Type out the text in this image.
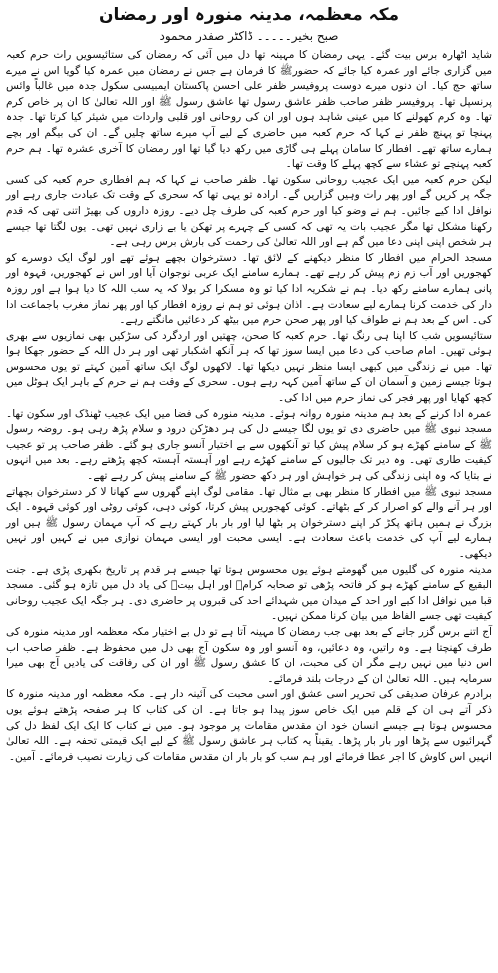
مکہ معظمہ، مدینہ منورہ اور رمضان
صبح بخیر۔۔۔۔۔ ڈاکٹر صفدر محمود

شاید اٹھارہ برس بیت گئے۔ یہی رمضان کا مہینہ تھا دل میں آئی کہ رمضان کی ستائیسویں رات حرم کعبہ میں گزاری جائے اور عمرہ کیا جائے کہ حضورﷺ کا فرمان ہے جس نے رمضان میں عمرہ کیا گویا اس نے میرے ساتھ حج کیا۔ ان دنوں میرے دوست پروفیسر ظفر علی احسن پاکستان ایمبیسی سکول جدہ میں غالباً وائس پرنسپل تھا۔ پروفیسر ظفر صاحب ظفر عاشق رسول تھا عاشق رسول ﷺ اور اللہ تعالیٰ کا ان پر خاص کرم تھا۔ وہ کرم کھولنے کا میں عینی شاہد ہوں اور ان کی روحانی اور قلبی واردات میں شیئر کیا کرتا تھا۔ جدہ پہنچا تو پہنچ ظفر نے کہا کہ حرم کعبہ میں حاضری کے لیے آپ میرے ساتھ چلیں گے۔ ان کی بیگم اور بچے ہمارے ساتھ تھے۔ افطار کا سامان پہلے ہی گاڑی میں رکھ دیا گیا تھا اور رمضان کا آخری عشرہ تھا۔ ہم حرم کعبہ پہنچے تو عشاء سے کچھ پہلے کا وقت تھا۔

لیکن حرم کعبہ میں ایک عجیب روحانی سکون تھا۔ ظفر صاحب نے کہا کہ ہم افطاری حرم کعبہ کی کسی جگہ پر کریں گے اور پھر رات وہیں گزاریں گے۔ ارادہ تو یہی تھا کہ سحری کے وقت تک عبادت جاری رہے اور نوافل ادا کیے جائیں۔ ہم نے وضو کیا اور حرم کعبہ کی طرف چل دیے۔ روزہ داروں کی بھیڑ اتنی تھی کہ قدم رکھنا مشکل تھا مگر عجیب بات یہ تھی کہ کسی کے چہرے پر تھکن یا بے زاری نہیں تھی۔ یوں لگتا تھا جیسے ہر شخص اپنی اپنی دعا میں گم ہے اور اللہ تعالیٰ کی رحمت کی بارش برس رہی ہے۔

مسجد الحرام میں افطار کا منظر دیکھنے کے لائق تھا۔ دسترخوان بچھے ہوئے تھے اور لوگ ایک دوسرے کو کھجوریں اور آب زم زم پیش کر رہے تھے۔ ہمارے سامنے ایک عربی نوجوان آیا اور اس نے کھجوریں، قہوہ اور پانی ہمارے سامنے رکھ دیا۔ ہم نے شکریہ ادا کیا تو وہ مسکرا کر بولا کہ یہ سب اللہ کا دیا ہوا ہے اور روزہ دار کی خدمت کرنا ہمارے لیے سعادت ہے۔ اذان ہوئی تو ہم نے روزہ افطار کیا اور پھر نماز مغرب باجماعت ادا کی۔ اس کے بعد ہم نے طواف کیا اور پھر صحن حرم میں بیٹھ کر دعائیں مانگتے رہے۔

ستائیسویں شب کا اپنا ہی رنگ تھا۔ حرم کعبہ کا صحن، چھتیں اور اردگرد کی سڑکیں بھی نمازیوں سے بھری ہوئی تھیں۔ امام صاحب کی دعا میں ایسا سوز تھا کہ ہر آنکھ اشکبار تھی اور ہر دل اللہ کے حضور جھکا ہوا تھا۔ میں نے زندگی میں کبھی ایسا منظر نہیں دیکھا تھا۔ لاکھوں لوگ ایک ساتھ آمین کہتے تو یوں محسوس ہوتا جیسے زمین و آسمان ان کے ساتھ آمین کہہ رہے ہوں۔ سحری کے وقت ہم نے حرم کے باہر ایک ہوٹل میں کچھ کھایا اور پھر فجر کی نماز حرم میں ادا کی۔

عمرہ ادا کرنے کے بعد ہم مدینہ منورہ روانہ ہوئے۔ مدینہ منورہ کی فضا میں ایک عجیب ٹھنڈک اور سکون تھا۔ مسجد نبوی ﷺ میں حاضری دی تو یوں لگا جیسے دل کی ہر دھڑکن درود و سلام پڑھ رہی ہو۔ روضہ رسول ﷺ کے سامنے کھڑے ہو کر سلام پیش کیا تو آنکھوں سے بے اختیار آنسو جاری ہو گئے۔ ظفر صاحب پر تو عجیب کیفیت طاری تھی۔ وہ دیر تک جالیوں کے سامنے کھڑے رہے اور آہستہ آہستہ کچھ پڑھتے رہے۔ بعد میں انہوں نے بتایا کہ وہ اپنی زندگی کی ہر خواہش اور ہر دکھ حضور ﷺ کے سامنے پیش کر رہے تھے۔

مسجد نبوی ﷺ میں افطار کا منظر بھی بے مثال تھا۔ مقامی لوگ اپنے گھروں سے کھانا لا کر دسترخوان بچھاتے اور ہر آنے والے کو اصرار کر کے بٹھاتے۔ کوئی کھجوریں پیش کرتا، کوئی دہی، کوئی روٹی اور کوئی قہوہ۔ ایک بزرگ نے ہمیں ہاتھ پکڑ کر اپنے دسترخوان پر بٹھا لیا اور بار بار کہتے رہے کہ آپ مہمان رسول ﷺ ہیں اور ہمارے لیے آپ کی خدمت باعث سعادت ہے۔ ایسی محبت اور ایسی مہمان نوازی میں نے کہیں اور نہیں دیکھی۔

مدینہ منورہ کی گلیوں میں گھومتے ہوئے یوں محسوس ہوتا تھا جیسے ہر قدم پر تاریخ بکھری پڑی ہے۔ جنت البقیع کے سامنے کھڑے ہو کر فاتحہ پڑھی تو صحابہ کرامؓ اور اہل بیتؓ کی یاد دل میں تازہ ہو گئی۔ مسجد قبا میں نوافل ادا کیے اور احد کے میدان میں شہدائے احد کی قبروں پر حاضری دی۔ ہر جگہ ایک عجیب روحانی کیفیت تھی جسے الفاظ میں بیان کرنا ممکن نہیں۔

آج اتنے برس گزر جانے کے بعد بھی جب رمضان کا مہینہ آتا ہے تو دل بے اختیار مکہ معظمہ اور مدینہ منورہ کی طرف کھنچتا ہے۔ وہ راتیں، وہ دعائیں، وہ آنسو اور وہ سکون آج بھی دل میں محفوظ ہے۔ ظفر صاحب اب اس دنیا میں نہیں رہے مگر ان کی محبت، ان کا عشق رسول ﷺ اور ان کی رفاقت کی یادیں آج بھی میرا سرمایہ ہیں۔ اللہ تعالیٰ ان کے درجات بلند فرمائے۔

برادرم عرفان صدیقی کی تحریر اسی عشق اور اسی محبت کی آئینہ دار ہے۔ مکہ معظمہ اور مدینہ منورہ کا ذکر آتے ہی ان کے قلم میں ایک خاص سوز پیدا ہو جاتا ہے۔ ان کی کتاب کا ہر صفحہ پڑھتے ہوئے یوں محسوس ہوتا ہے جیسے انسان خود ان مقدس مقامات پر موجود ہو۔ میں نے کتاب کا ایک ایک لفظ دل کی گہرائیوں سے پڑھا اور بار بار پڑھا۔ یقیناً یہ کتاب ہر عاشق رسول ﷺ کے لیے ایک قیمتی تحفہ ہے۔ اللہ تعالیٰ انہیں اس کاوش کا اجر عطا فرمائے اور ہم سب کو بار بار ان مقدس مقامات کی زیارت نصیب فرمائے۔ آمین۔
